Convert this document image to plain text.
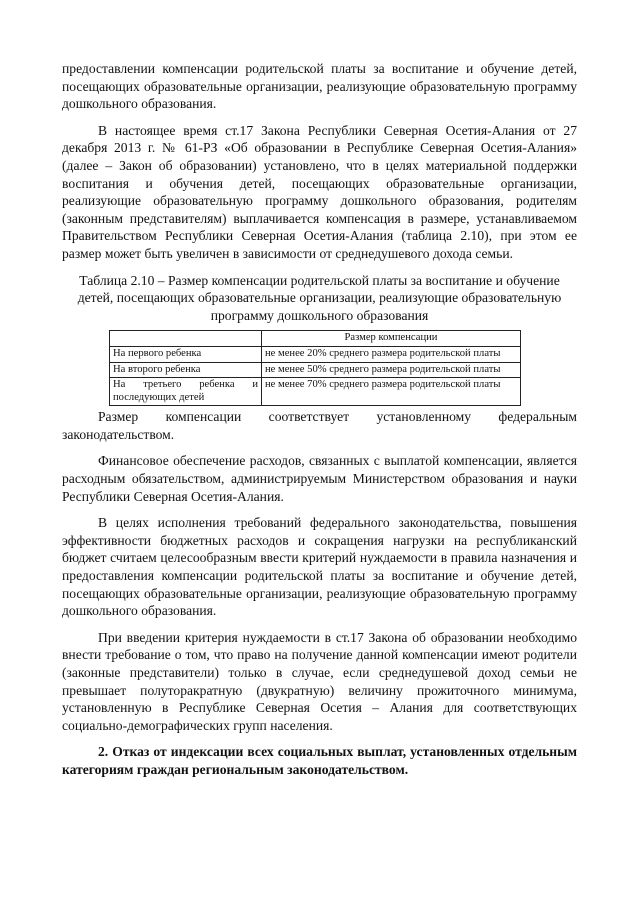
предоставлении компенсации родительской платы за воспитание и обучение детей, посещающих образовательные организации, реализующие образовательную программу дошкольного образования.

В настоящее время ст.17 Закона Республики Северная Осетия-Алания от 27 декабря 2013 г. № 61-РЗ «Об образовании в Республике Северная Осетия-Алания» (далее – Закон об образовании) установлено, что в целях материальной поддержки воспитания и обучения детей, посещающих образовательные организации, реализующие образовательную программу дошкольного образования, родителям (законным представителям) выплачивается компенсация в размере, устанавливаемом Правительством Республики Северная Осетия-Алания (таблица 2.10), при этом ее размер может быть увеличен в зависимости от среднедушевого дохода семьи.

Таблица 2.10 – Размер компенсации родительской платы за воспитание и обучение детей, посещающих образовательные организации, реализующие образовательную программу дошкольного образования

	Размер компенсации
На первого ребенка	не менее 20% среднего размера родительской платы
На второго ребенка	не менее 50% среднего размера родительской платы
На третьего ребенка и последующих детей	не менее 70% среднего размера родительской платы

Размер компенсации соответствует установленному федеральным законодательством.

Финансовое обеспечение расходов, связанных с выплатой компенсации, является расходным обязательством, администрируемым Министерством образования и науки Республики Северная Осетия-Алания.

В целях исполнения требований федерального законодательства, повышения эффективности бюджетных расходов и сокращения нагрузки на республиканский бюджет считаем целесообразным ввести критерий нуждаемости в правила назначения и предоставления компенсации родительской платы за воспитание и обучение детей, посещающих образовательные организации, реализующие образовательную программу дошкольного образования.

При введении критерия нуждаемости в ст.17 Закона об образовании необходимо внести требование о том, что право на получение данной компенсации имеют родители (законные представители) только в случае, если среднедушевой доход семьи не превышает полуторакратную (двукратную) величину прожиточного минимума, установленную в Республике Северная Осетия – Алания для соответствующих социально-демографических групп населения.

2. Отказ от индексации всех социальных выплат, установленных отдельным категориям граждан региональным законодательством.
